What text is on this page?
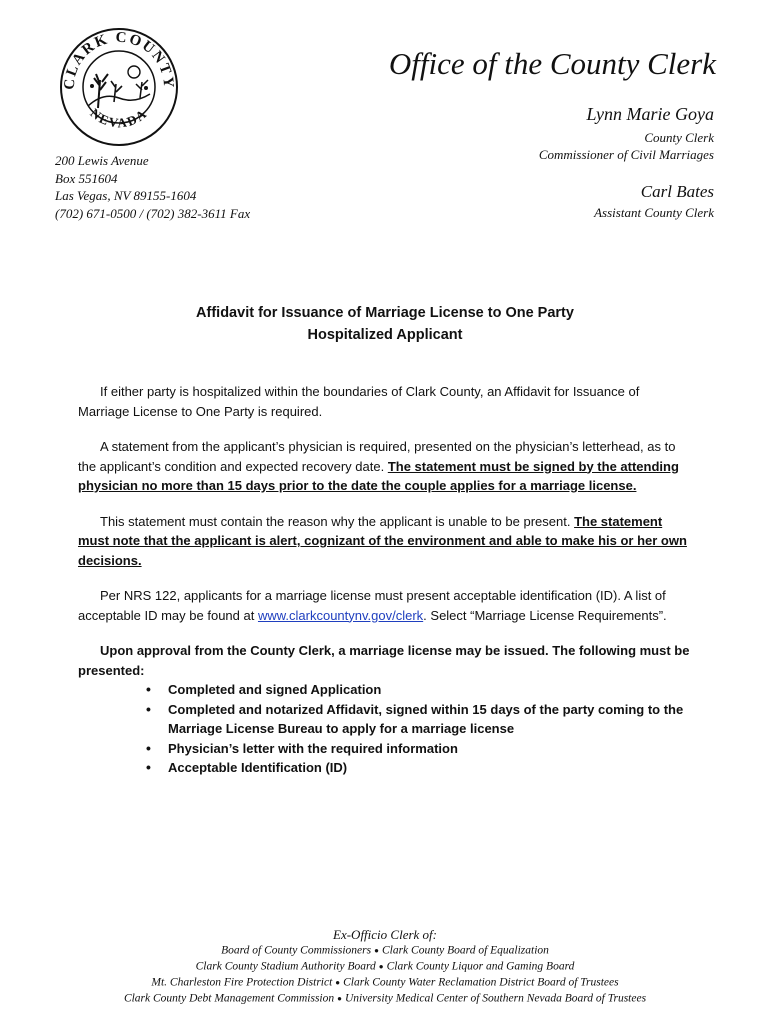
CLARK COUNTY
NEVADA
Office of the County Clerk
Lynn Marie Goya
County Clerk
Commissioner of Civil Marriages
Carl Bates
Assistant County Clerk
200 Lewis Avenue
Box 551604
Las Vegas, NV 89155-1604
(702) 671-0500 / (702) 382-3611 Fax
Affidavit for Issuance of Marriage License to One Party
Hospitalized Applicant

If either party is hospitalized within the boundaries of Clark County, an Affidavit for Issuance of Marriage License to One Party is required.

A statement from the applicant’s physician is required, presented on the physician’s letterhead, as to the applicant’s condition and expected recovery date. The statement must be signed by the attending physician no more than 15 days prior to the date the couple applies for a marriage license.

This statement must contain the reason why the applicant is unable to be present. The statement must note that the applicant is alert, cognizant of the environment and able to make his or her own decisions.

Per NRS 122, applicants for a marriage license must present acceptable identification (ID). A list of acceptable ID may be found at www.clarkcountynv.gov/clerk. Select “Marriage License Requirements”.

Upon approval from the County Clerk, a marriage license may be issued. The following must be presented:

• Completed and signed Application
• Completed and notarized Affidavit, signed within 15 days of the party coming to the Marriage License Bureau to apply for a marriage license
• Physician’s letter with the required information
• Acceptable Identification (ID)
Ex-Officio Clerk of:
Board of County Commissioners ● Clark County Board of Equalization
Clark County Stadium Authority Board ● Clark County Liquor and Gaming Board
Mt. Charleston Fire Protection District ● Clark County Water Reclamation District Board of Trustees
Clark County Debt Management Commission ● University Medical Center of Southern Nevada Board of Trustees
